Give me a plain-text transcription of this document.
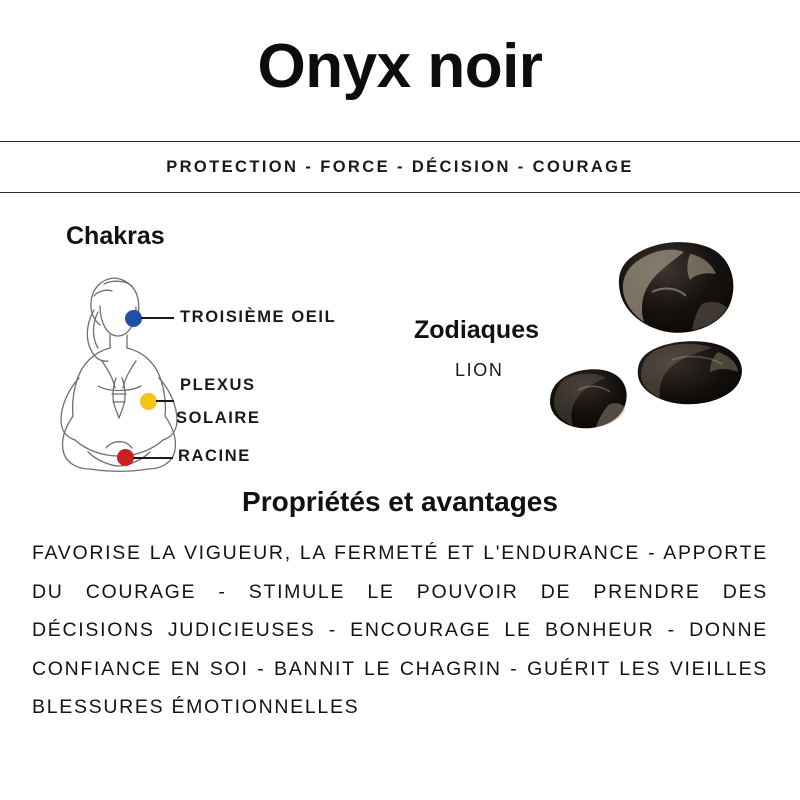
Onyx noir
PROTECTION - FORCE - DÉCISION - COURAGE
Chakras
TROISIÈME OEIL
PLEXUS
SOLAIRE
RACINE
Zodiaques
LION
Propriétés et avantages
FAVORISE LA VIGUEUR, LA FERMETÉ ET L'ENDURANCE - APPORTE DU COURAGE - STIMULE LE POUVOIR DE PRENDRE DES DÉCISIONS JUDICIEUSES - ENCOURAGE LE BONHEUR - DONNE CONFIANCE EN SOI - BANNIT LE CHAGRIN - GUÉRIT LES VIEILLES BLESSURES ÉMOTIONNELLES
